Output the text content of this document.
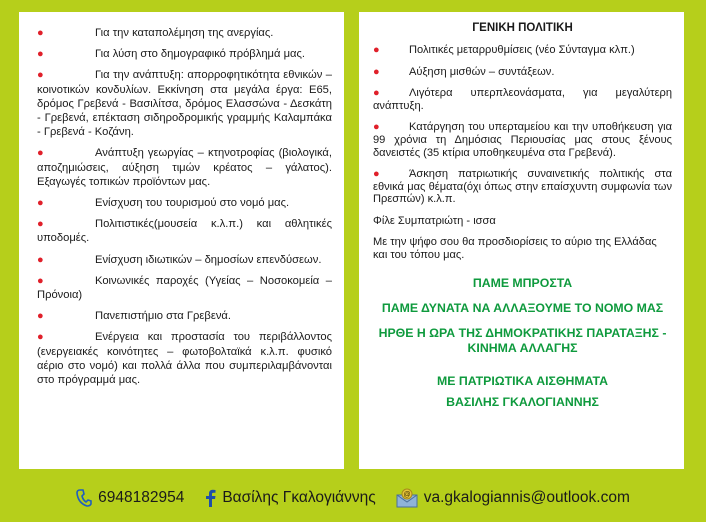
●	Για την καταπολέμηση της ανεργίας.
●	Για λύση στο δημογραφικό πρόβλημά μας.
●	Για την ανάπτυξη: απορροφητικότητα εθνικών – κοινοτικών κονδυλίων. Εκκίνηση στα μεγάλα έργα: Ε65, δρόμος Γρεβενά - Βασιλίτσα, δρόμος Ελασσώνα - Δεσκάτη - Γρεβενά, επέκταση σιδηροδρομικής γραμμής Καλαμπάκα - Γρεβενά - Κοζάνη.
●	Ανάπτυξη γεωργίας – κτηνοτροφίας (βιολογικά, αποζημιώσεις, αύξηση τιμών κρέατος – γάλατος). Εξαγωγές τοπικών προϊόντων μας.
●	Ενίσχυση του τουρισμού στο νομό μας.
●	Πολιτιστικές(μουσεία κ.λ.π.) και αθλητικές υποδομές.
●	Ενίσχυση ιδιωτικών – δημοσίων επενδύσεων.
●	Κοινωνικές παροχές (Υγείας – Νοσοκομεία – Πρόνοια)
●	Πανεπιστήμιο στα Γρεβενά.
●	Ενέργεια και προστασία του περιβάλλοντος (ενεργειακές κοινότητες – φωτοβολταϊκά κ.λ.π. φυσικό αέριο στο νομό) και πολλά άλλα που συμπεριλαμβάνονται στο πρόγραμμά μας.
ΓΕΝΙΚΗ ΠΟΛΙΤΙΚΗ
●	Πολιτικές μεταρρυθμίσεις (νέο Σύνταγμα κλπ.)
●	Αύξηση μισθών – συντάξεων.
●	Λιγότερα υπερπλεονάσματα, για μεγαλύτερη ανάπτυξη.
●	Κατάργηση του υπερταμείου και την υποθήκευση για 99 χρόνια τη Δημόσιας Περιουσίας μας στους ξένους δανειστές (35 κτίρια υποθηκευμένα στα Γρεβενά).
●	Άσκηση πατριωτικής συναινετικής πολιτικής στα εθνικά μας θέματα(όχι όπως στην επαίσχυντη συμφωνία των Πρεσπών) κ.λ.π.

Φίλε Συμπατριώτη - ισσα

Με την ψήφο σου θα προσδιορίσεις το αύριο της Ελλάδας και του τόπου μας.

ΠΑΜΕ ΜΠΡΟΣΤΑ

ΠΑΜΕ ΔΥΝΑΤΑ ΝΑ ΑΛΛΑΞΟΥΜΕ ΤΟ ΝΟΜΟ ΜΑΣ

ΗΡΘΕ Η ΩΡΑ ΤΗΣ ΔΗΜΟΚΡΑΤΙΚΗΣ ΠΑΡΑΤΑΞΗΣ - ΚΙΝΗΜΑ ΑΛΛΑΓΗΣ

ΜΕ ΠΑΤΡΙΩΤΙΚΑ ΑΙΣΘΗΜΑΤΑ

ΒΑΣΙΛΗΣ ΓΚΑΛΟΓΙΑΝΝΗΣ

6948182954 Βασίλης Γκαλογιάννης	@ va.gkalogiannis@outlook.com
